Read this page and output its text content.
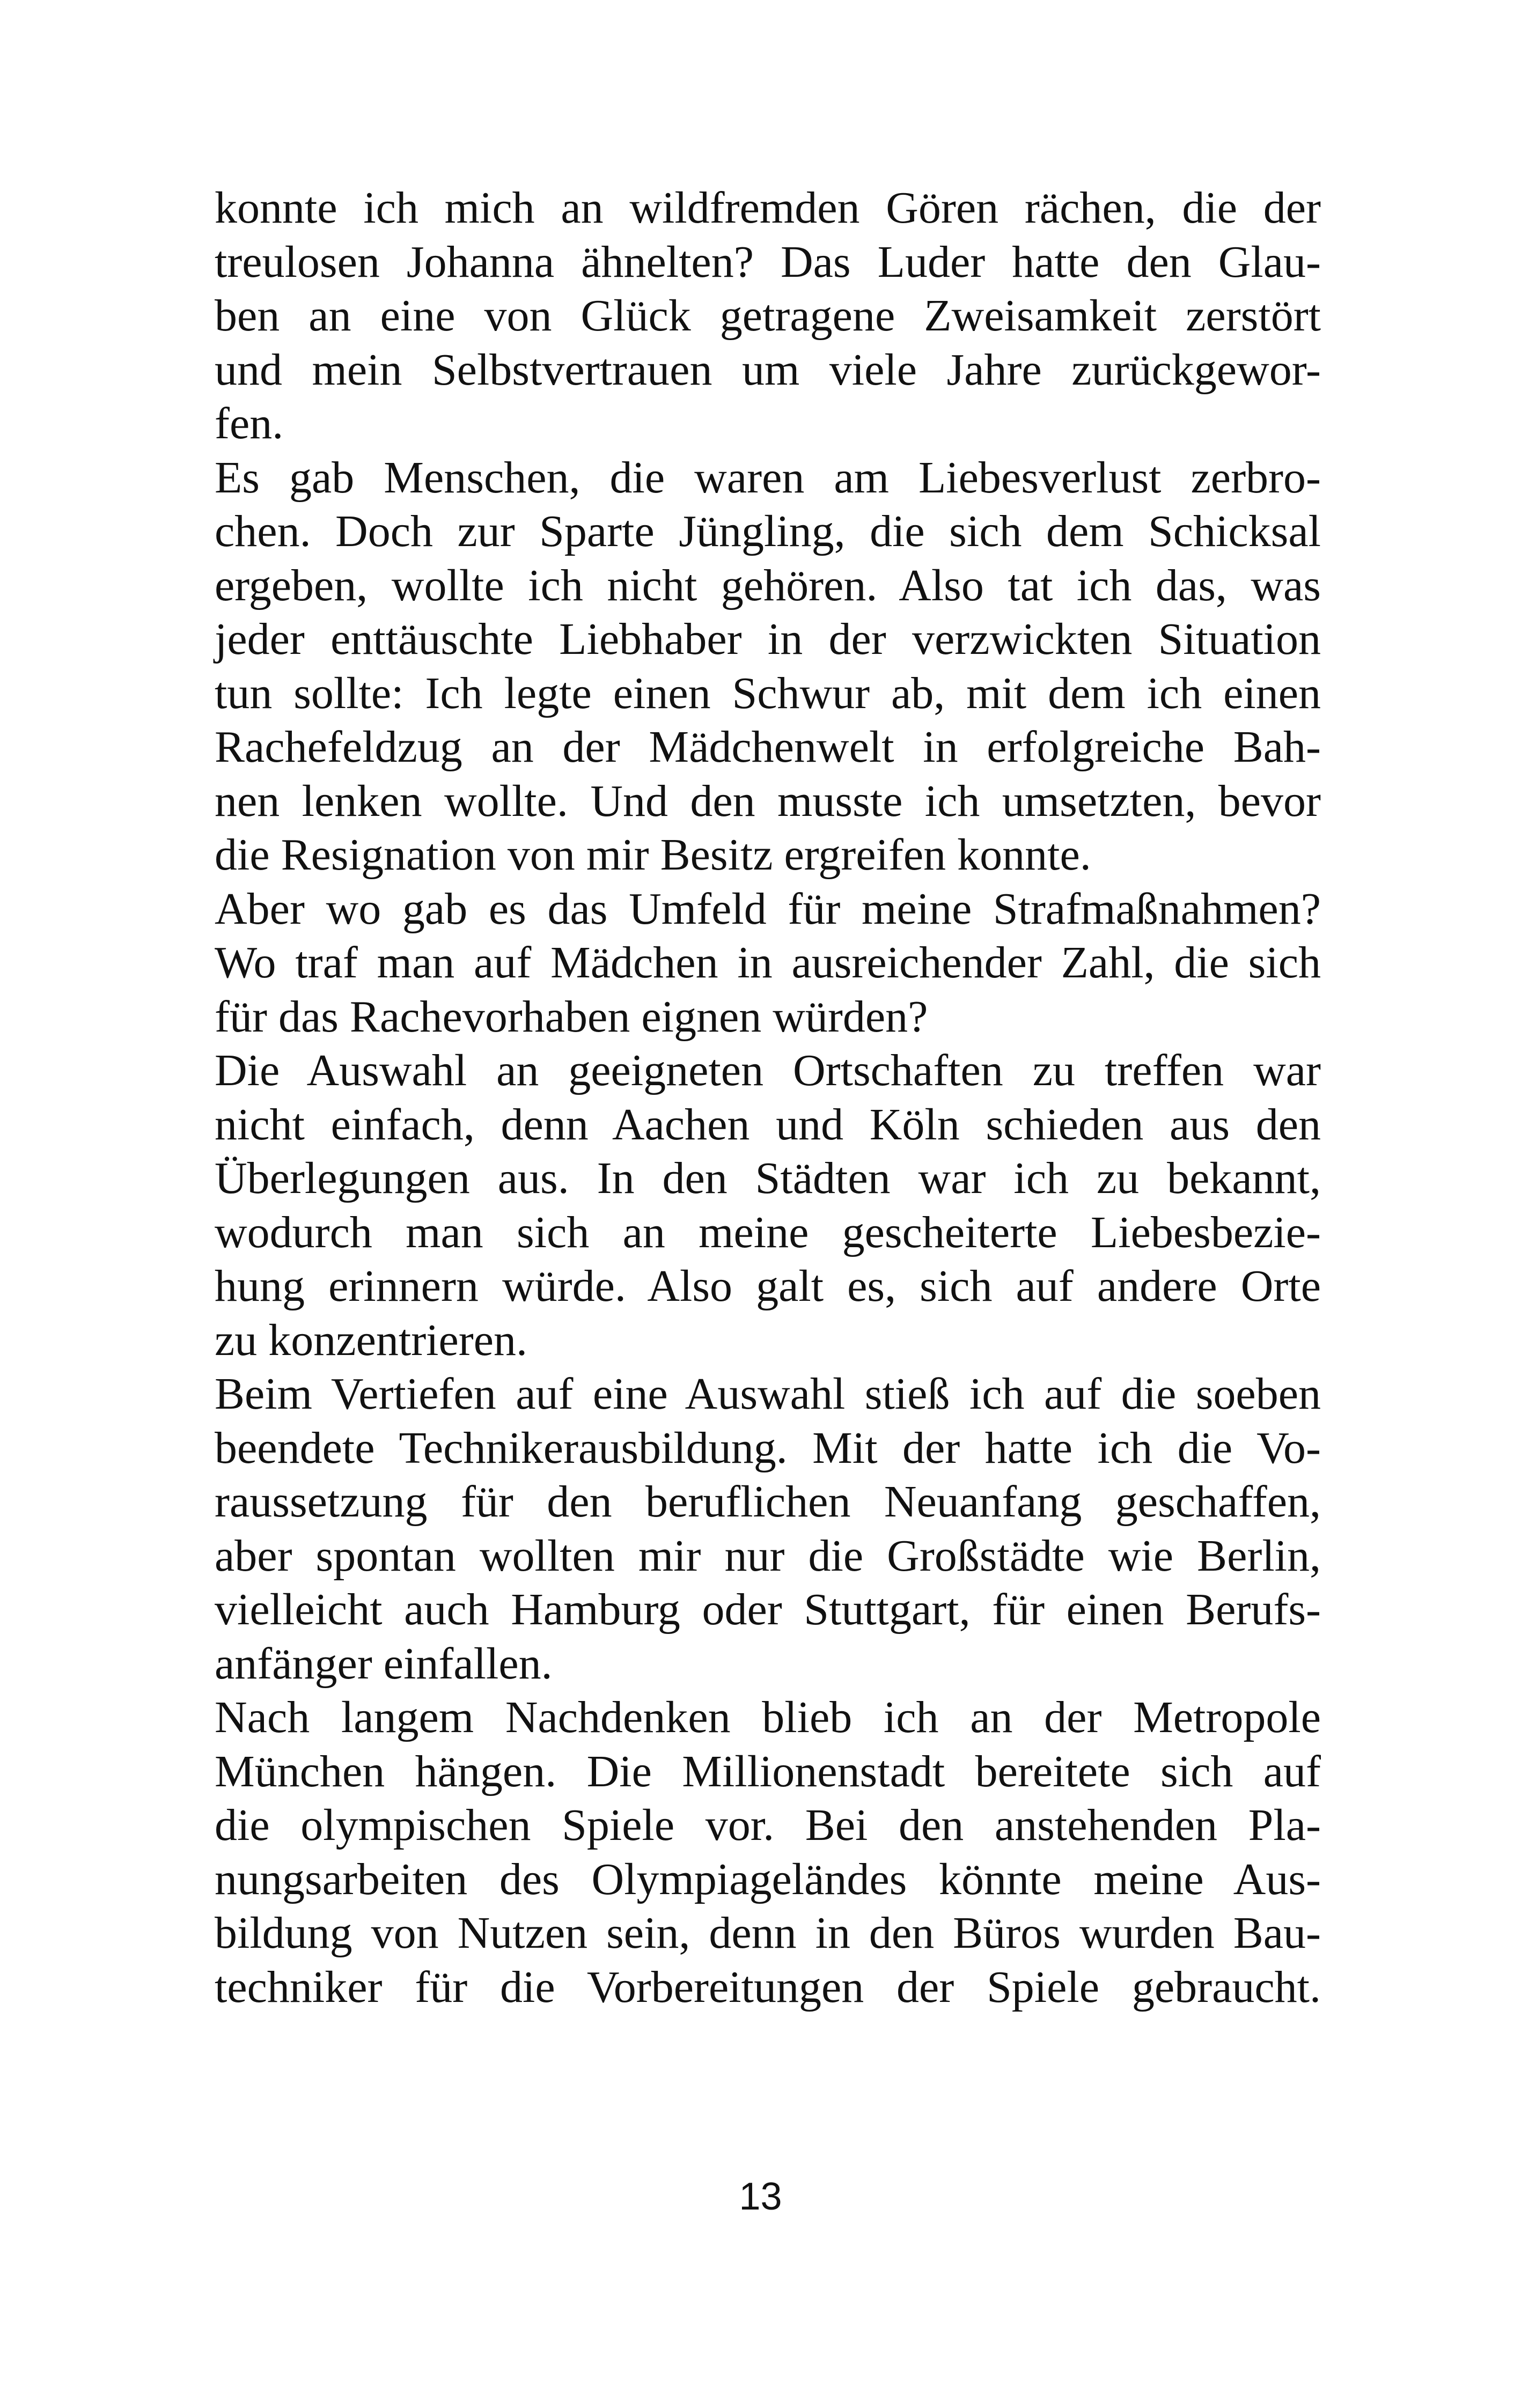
konnte ich mich an wildfremden Gören rächen, die der
treulosen Johanna ähnelten? Das Luder hatte den Glau-
ben an eine von Glück getragene Zweisamkeit zerstört
und mein Selbstvertrauen um viele Jahre zurückgewor-
fen.
Es gab Menschen, die waren am Liebesverlust zerbro-
chen. Doch zur Sparte Jüngling, die sich dem Schicksal
ergeben, wollte ich nicht gehören. Also tat ich das, was
jeder enttäuschte Liebhaber in der verzwickten Situation
tun sollte: Ich legte einen Schwur ab, mit dem ich einen
Rachefeldzug an der Mädchenwelt in erfolgreiche Bah-
nen lenken wollte. Und den musste ich umsetzten, bevor
die Resignation von mir Besitz ergreifen konnte.
Aber wo gab es das Umfeld für meine Strafmaßnahmen?
Wo traf man auf Mädchen in ausreichender Zahl, die sich
für das Rachevorhaben eignen würden?
Die Auswahl an geeigneten Ortschaften zu treffen war
nicht einfach, denn Aachen und Köln schieden aus den
Überlegungen aus. In den Städten war ich zu bekannt,
wodurch man sich an meine gescheiterte Liebesbezie-
hung erinnern würde. Also galt es, sich auf andere Orte
zu konzentrieren.
Beim Vertiefen auf eine Auswahl stieß ich auf die soeben
beendete Technikerausbildung. Mit der hatte ich die Vo-
raussetzung für den beruflichen Neuanfang geschaffen,
aber spontan wollten mir nur die Großstädte wie Berlin,
vielleicht auch Hamburg oder Stuttgart, für einen Berufs-
anfänger einfallen.
Nach langem Nachdenken blieb ich an der Metropole
München hängen. Die Millionenstadt bereitete sich auf
die olympischen Spiele vor. Bei den anstehenden Pla-
nungsarbeiten des Olympiageländes könnte meine Aus-
bildung von Nutzen sein, denn in den Büros wurden Bau-
techniker für die Vorbereitungen der Spiele gebraucht.
13
